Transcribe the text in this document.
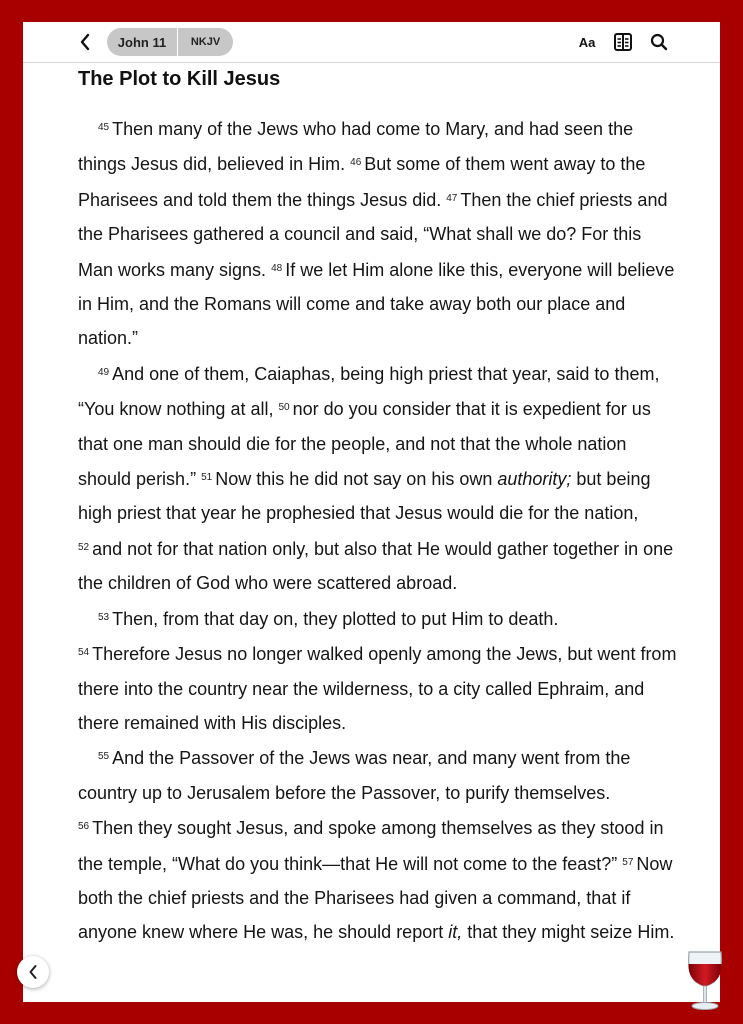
John 11	NKJV	Aa
The Plot to Kill Jesus

$^{45}$ Then many of the Jews who had come to Mary, and had seen the things Jesus did, believed in Him. $^{46}$ But some of them went away to the Pharisees and told them the things Jesus did. $^{47}$ Then the chief priests and the Pharisees gathered a council and said, “What shall we do? For this Man works many signs. $^{48}$ If we let Him alone like this, everyone will believe in Him, and the Romans will come and take away both our place and nation.”

$^{49}$ And one of them, Caiaphas, being high priest that year, said to them, “You know nothing at all, $^{50}$ nor do you consider that it is expedient for us that one man should die for the people, and not that the whole nation should perish.” $^{51}$ Now this he did not say on his own authority; but being high priest that year he prophesied that Jesus would die for the nation, $^{52}$ and not for that nation only, but also that He would gather together in one the children of God who were scattered abroad.

$^{53}$ Then, from that day on, they plotted to put Him to death.

$^{54}$ Therefore Jesus no longer walked openly among the Jews, but went from there into the country near the wilderness, to a city called Ephraim, and there remained with His disciples.

$^{55}$ And the Passover of the Jews was near, and many went from the country up to Jerusalem before the Passover, to purify themselves.

$^{56}$ Then they sought Jesus, and spoke among themselves as they stood in the temple, “What do you think—that He will not come to the feast?” $^{57}$ Now both the chief priests and the Pharisees had given a command, that if anyone knew where He was, he should report it, that they might seize Him.
